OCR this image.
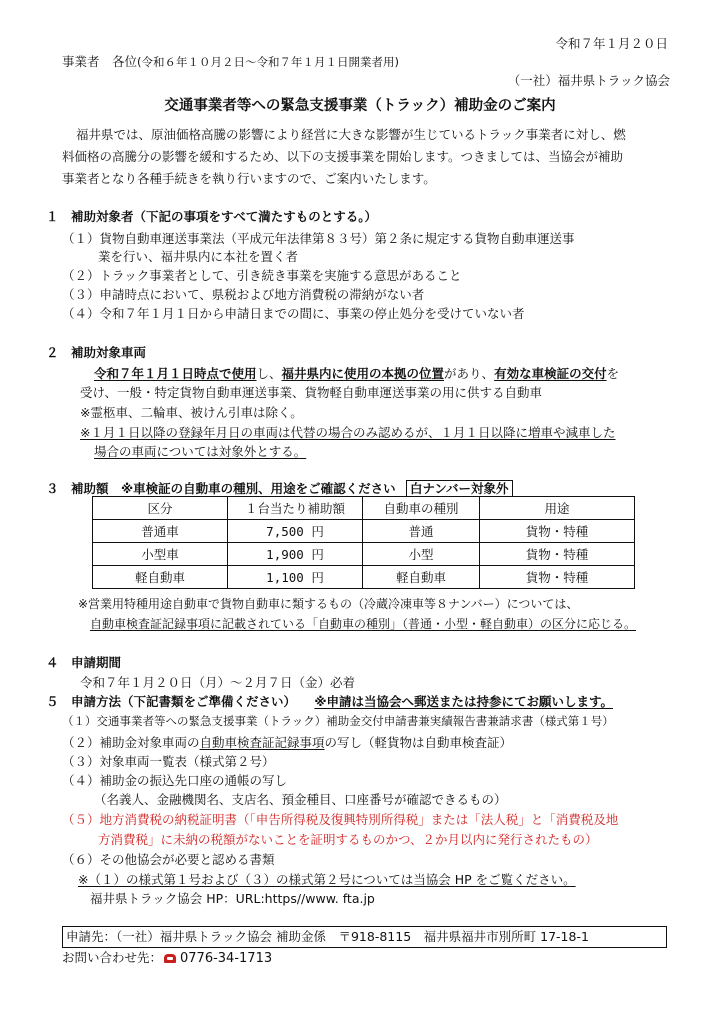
令和７年１月２０日
事業者　各位(令和６年１０月２日～令和７年１月１日開業者用)
（一社）福井県トラック協会
交通事業者等への緊急支援事業（トラック）補助金のご案内
福井県では、原油価格高騰の影響により経営に大きな影響が生じているトラック事業者に対し、燃
料価格の高騰分の影響を緩和するため、以下の支援事業を開始します。つきましては、当協会が補助
事業者となり各種手続きを執り行いますので、ご案内いたします。
１　補助対象者（下記の事項をすべて満たすものとする。）
（１）貨物自動車運送事業法（平成元年法律第８３号）第２条に規定する貨物自動車運送事
業を行い、福井県内に本社を置く者
（２）トラック事業者として、引き続き事業を実施する意思があること
（３）申請時点において、県税および地方消費税の滞納がない者
（４）令和７年１月１日から申請日までの間に、事業の停止処分を受けていない者
２　補助対象車両
令和７年１月１日時点で使用し、福井県内に使用の本拠の位置があり、有効な車検証の交付を
受け、一般・特定貨物自動車運送事業、貨物軽自動車運送事業の用に供する自動車
※霊柩車、二輪車、被けん引車は除く。
※１月１日以降の登録年月日の車両は代替の場合のみ認めるが、１月１日以降に増車や減車した
場合の車両については対象外とする。
３　補助額　※車検証の自動車の種別、用途をご確認ください 白ナンバー対象外
区分	１台当たり補助額	自動車の種別	用途
普通車	7,500 円	普通	貨物・特種
小型車	1,900 円	小型	貨物・特種
軽自動車	1,100 円	軽自動車	貨物・特種
※営業用特種用途自動車で貨物自動車に類するもの（冷蔵冷凍車等８ナンバー）については、
自動車検査証記録事項に記載されている「自動車の種別」（普通・小型・軽自動車）の区分に応じる。
４　申請期間
令和７年１月２０日（月）～２月７日（金）必着
５　申請方法（下記書類をご準備ください） ※申請は当協会へ郵送または持参にてお願いします。
（１）交通事業者等への緊急支援事業（トラック）補助金交付申請書兼実績報告書兼請求書（様式第１号）
（２）補助金対象車両の自動車検査証記録事項の写し（軽貨物は自動車検査証）
（３）対象車両一覧表（様式第２号）
（４）補助金の振込先口座の通帳の写し
（名義人、金融機関名、支店名、預金種目、口座番号が確認できるもの）
（５）地方消費税の納税証明書（「申告所得税及復興特別所得税」または「法人税」と「消費税及地
方消費税」に未納の税額がないことを証明するものかつ、２か月以内に発行されたもの）
（６）その他協会が必要と認める書類
※（１）の様式第１号および（３）の様式第２号については当協会 HP をご覧ください。
福井県トラック協会 HP：URL:https//www. fta.jp
申請先：（一社）福井県トラック協会 補助金係　〒918-8115　福井県福井市別所町 17-18-1
お問い合わせ先： 0776-34-1713
